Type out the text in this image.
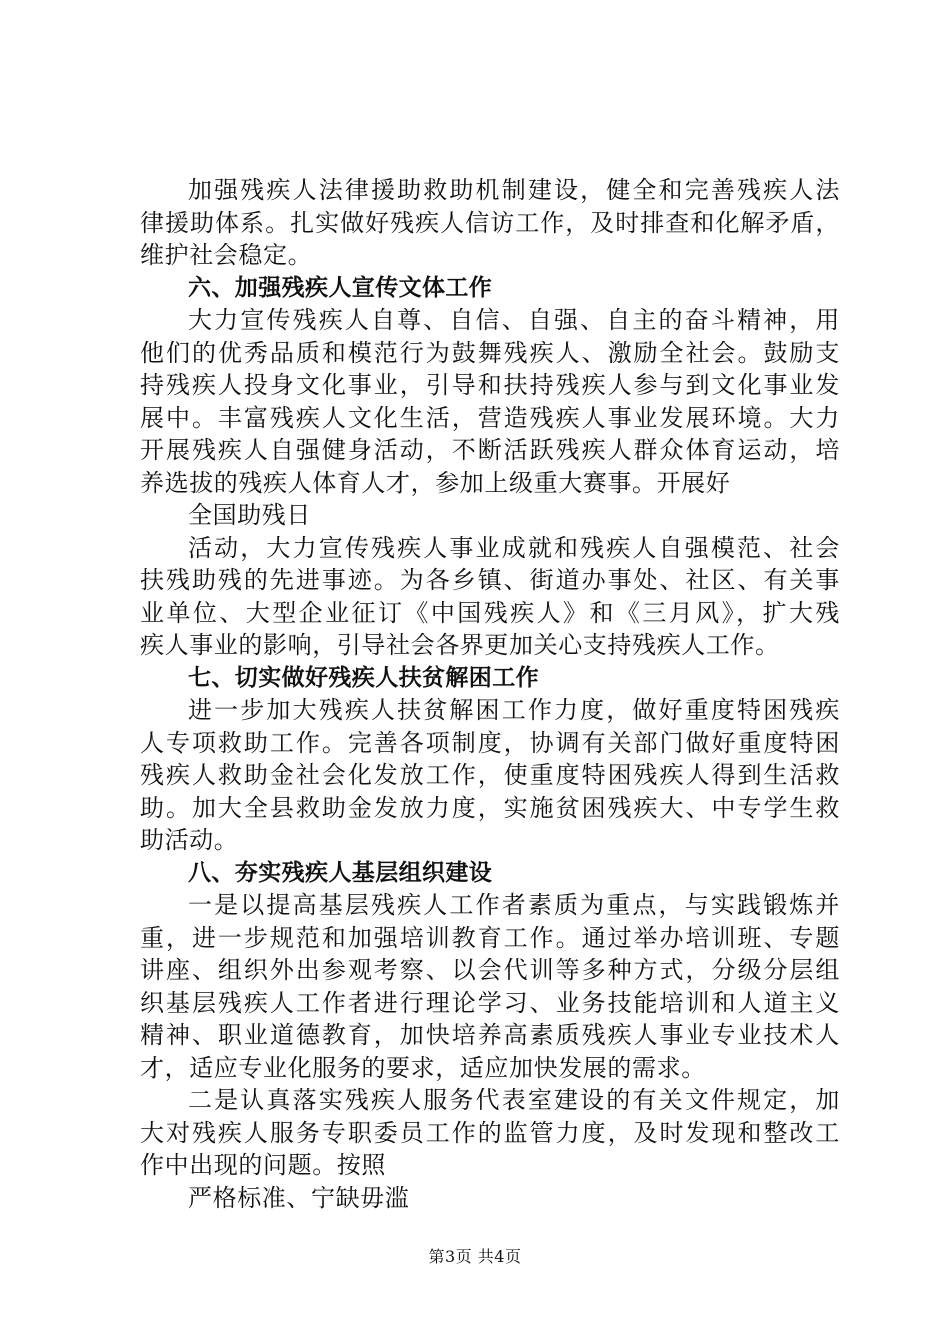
加强残疾人法律援助救助机制建设，健全和完善残疾人法
律援助体系。扎实做好残疾人信访工作，及时排查和化解矛盾，
维护社会稳定。
六、加强残疾人宣传文体工作
大力宣传残疾人自尊、自信、自强、自主的奋斗精神，用
他们的优秀品质和模范行为鼓舞残疾人、激励全社会。鼓励支
持残疾人投身文化事业，引导和扶持残疾人参与到文化事业发
展中。丰富残疾人文化生活，营造残疾人事业发展环境。大力
开展残疾人自强健身活动，不断活跃残疾人群众体育运动，培
养选拔的残疾人体育人才，参加上级重大赛事。开展好
全国助残日
活动，大力宣传残疾人事业成就和残疾人自强模范、社会
扶残助残的先进事迹。为各乡镇、街道办事处、社区、有关事
业单位、大型企业征订《中国残疾人》和《三月风》，扩大残
疾人事业的影响，引导社会各界更加关心支持残疾人工作。
七、切实做好残疾人扶贫解困工作
进一步加大残疾人扶贫解困工作力度，做好重度特困残疾
人专项救助工作。完善各项制度，协调有关部门做好重度特困
残疾人救助金社会化发放工作，使重度特困残疾人得到生活救
助。加大全县救助金发放力度，实施贫困残疾大、中专学生救
助活动。
八、夯实残疾人基层组织建设
一是以提高基层残疾人工作者素质为重点，与实践锻炼并
重，进一步规范和加强培训教育工作。通过举办培训班、专题
讲座、组织外出参观考察、以会代训等多种方式，分级分层组
织基层残疾人工作者进行理论学习、业务技能培训和人道主义
精神、职业道德教育，加快培养高素质残疾人事业专业技术人
才，适应专业化服务的要求，适应加快发展的需求。
二是认真落实残疾人服务代表室建设的有关文件规定，加
大对残疾人服务专职委员工作的监管力度，及时发现和整改工
作中出现的问题。按照
严格标准、宁缺毋滥
第3页 共4页
